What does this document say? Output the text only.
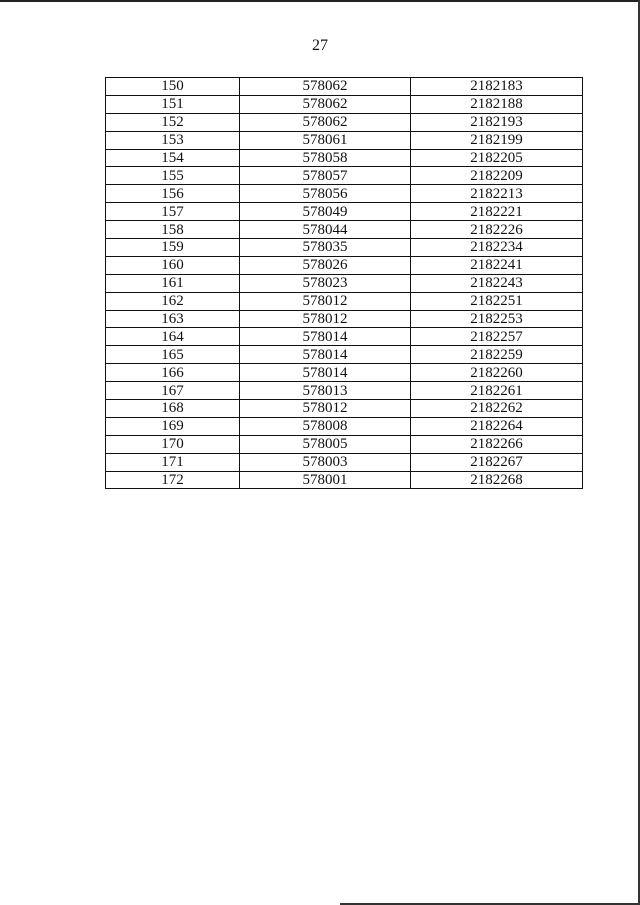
27
150	578062	2182183
151	578062	2182188
152	578062	2182193
153	578061	2182199
154	578058	2182205
155	578057	2182209
156	578056	2182213
157	578049	2182221
158	578044	2182226
159	578035	2182234
160	578026	2182241
161	578023	2182243
162	578012	2182251
163	578012	2182253
164	578014	2182257
165	578014	2182259
166	578014	2182260
167	578013	2182261
168	578012	2182262
169	578008	2182264
170	578005	2182266
171	578003	2182267
172	578001	2182268
